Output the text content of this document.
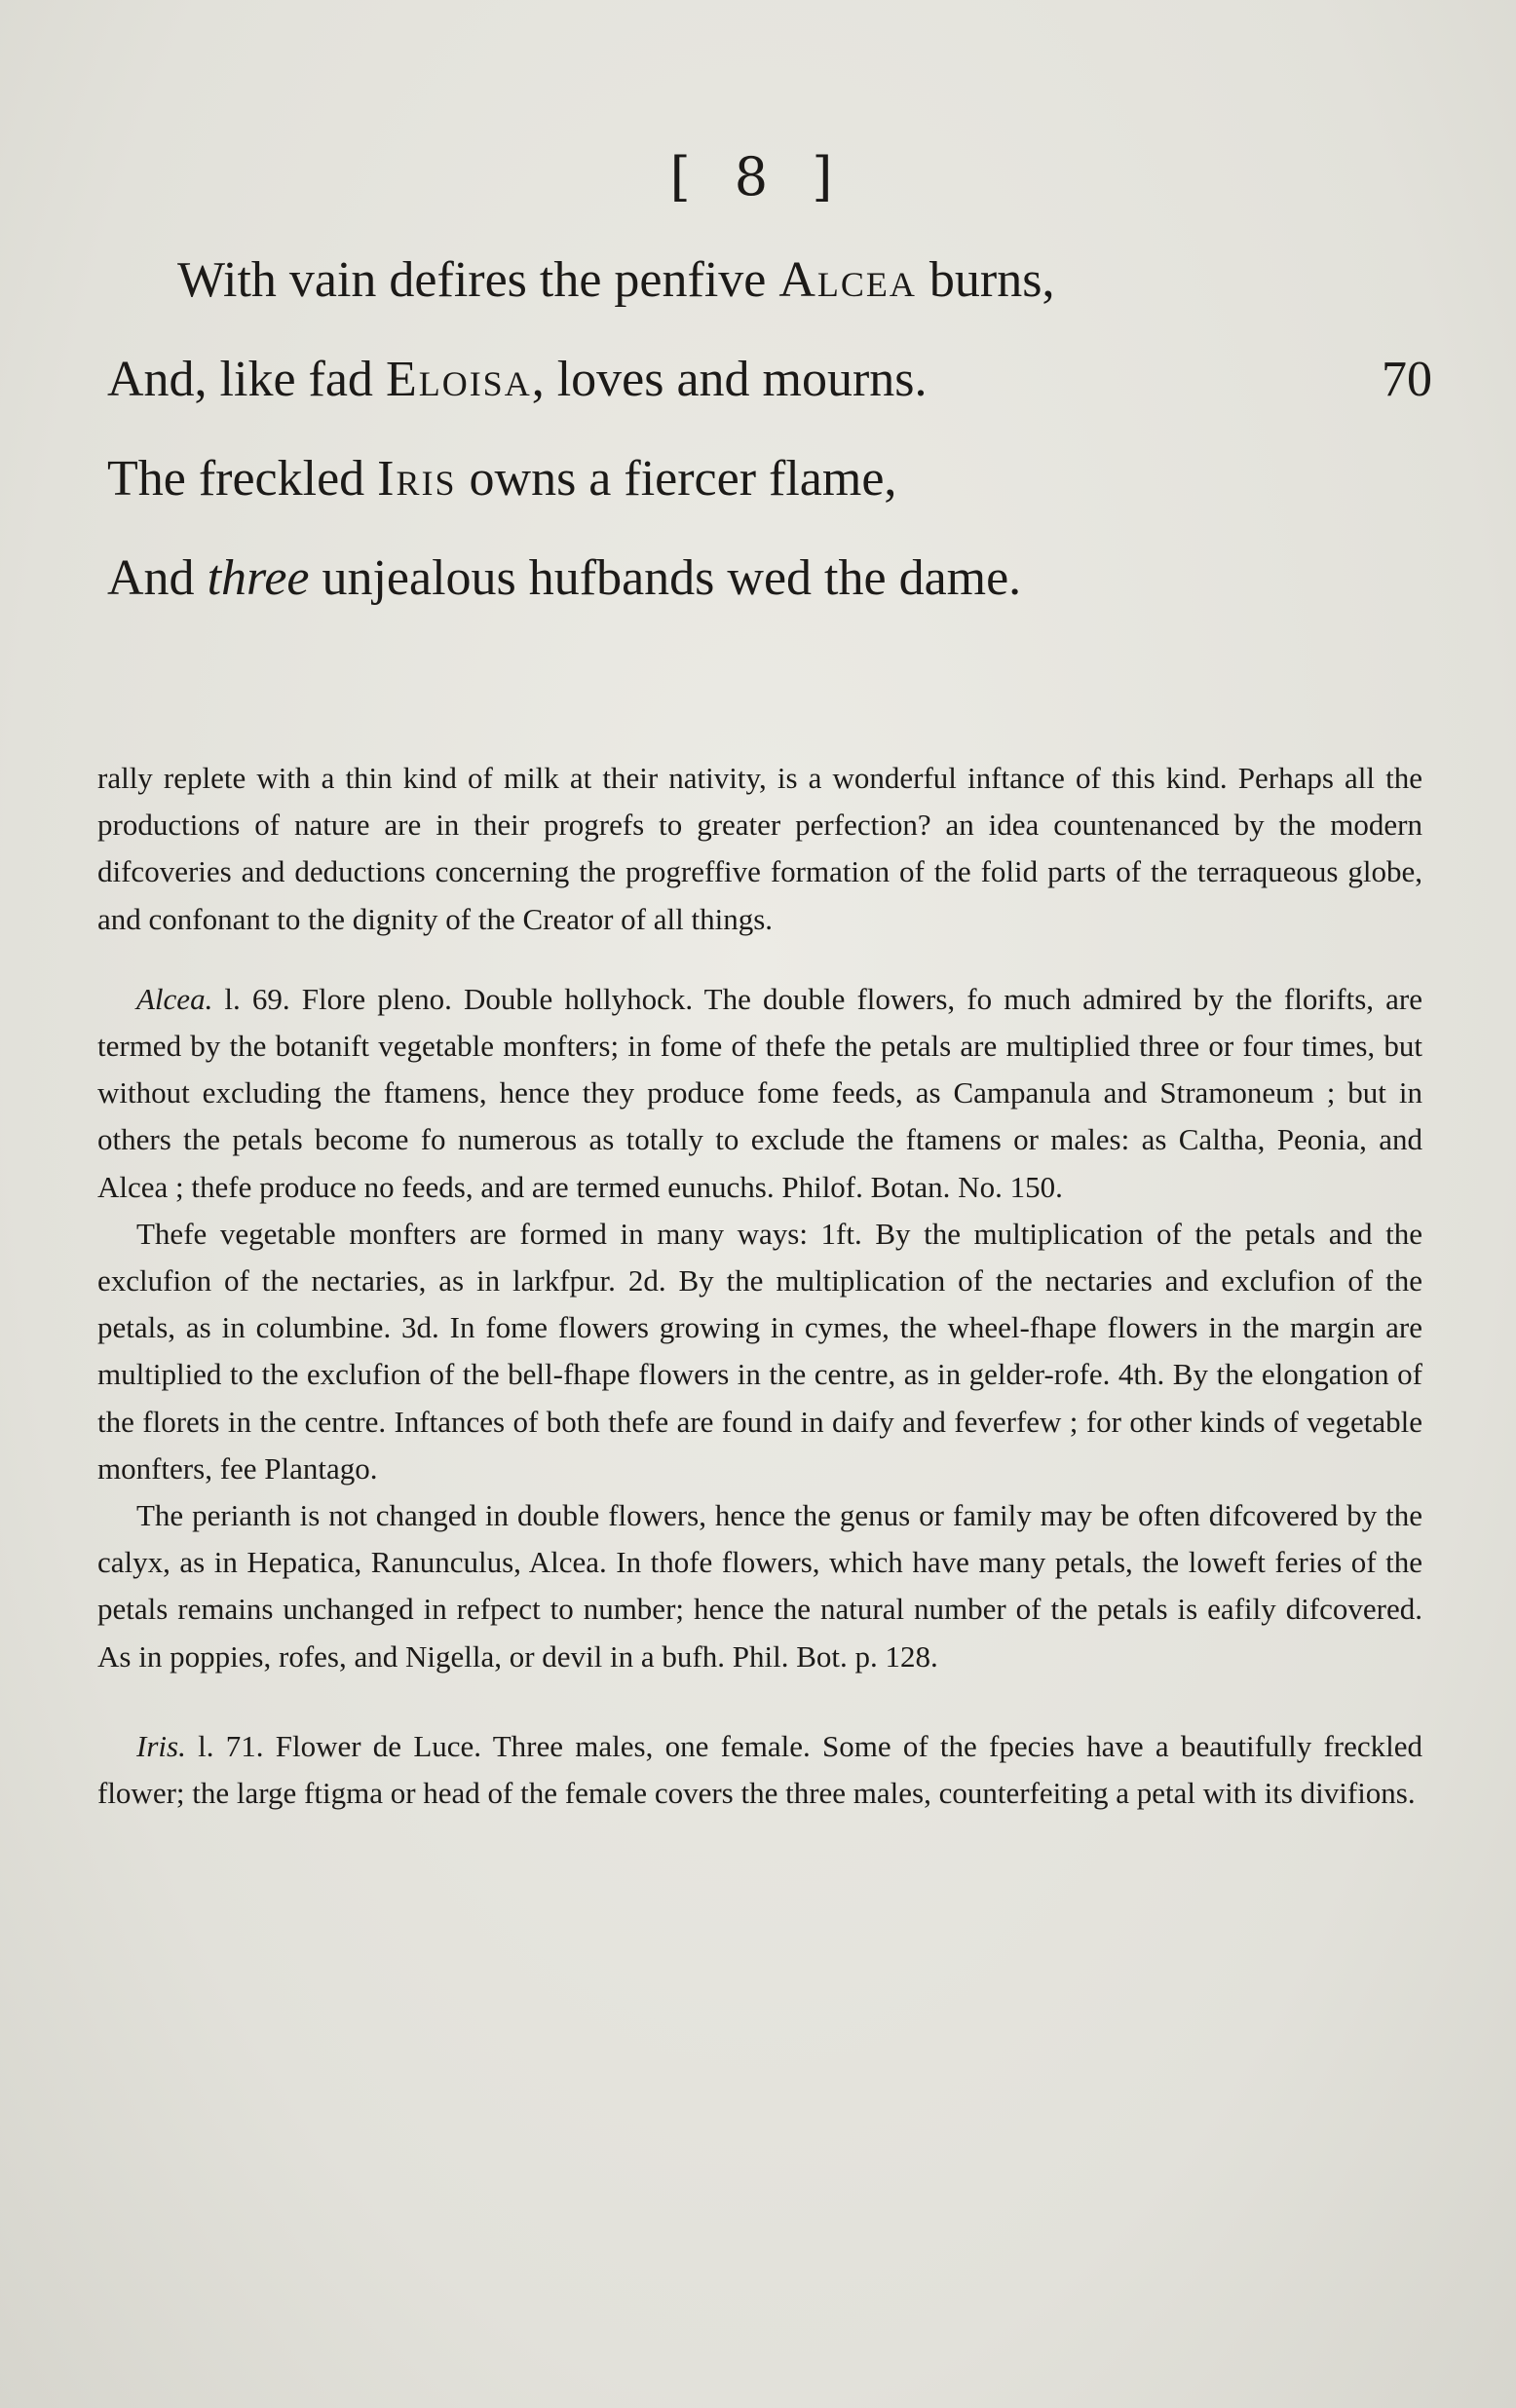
[ 8 ]
With vain defires the penfive Alcea burns,
And, like fad Eloisa, loves and mourns.	70
The freckled Iris owns a fiercer flame,
And three unjealous hufbands wed the dame.

rally replete with a thin kind of milk at their nativity, is a wonderful inftance of this kind. Perhaps all the productions of nature are in their progrefs to greater perfection? an idea countenanced by the modern difcoveries and deductions concerning the progreffive formation of the folid parts of the terraqueous globe, and confonant to the dignity of the Creator of all things.

Alcea. l. 69. Flore pleno. Double hollyhock. The double flowers, fo much admired by the florifts, are termed by the botanift vegetable monfters; in fome of thefe the petals are multiplied three or four times, but without excluding the ftamens, hence they produce fome feeds, as Campanula and Stramoneum ; but in others the petals become fo numerous as totally to exclude the ftamens or males: as Caltha, Peonia, and Alcea ; thefe produce no feeds, and are termed eunuchs. Philof. Botan. No. 150.

Thefe vegetable monfters are formed in many ways: 1ft. By the multiplication of the petals and the exclufion of the nectaries, as in larkfpur. 2d. By the multiplication of the nectaries and exclufion of the petals, as in columbine. 3d. In fome flowers growing in cymes, the wheel-fhape flowers in the margin are multiplied to the exclufion of the bell-fhape flowers in the centre, as in gelder-rofe. 4th. By the elongation of the florets in the centre. Inftances of both thefe are found in daify and feverfew ; for other kinds of vegetable monfters, fee Plantago.

The perianth is not changed in double flowers, hence the genus or family may be often difcovered by the calyx, as in Hepatica, Ranunculus, Alcea. In thofe flowers, which have many petals, the loweft feries of the petals remains unchanged in refpect to number; hence the natural number of the petals is eafily difcovered. As in poppies, rofes, and Nigella, or devil in a bufh. Phil. Bot. p. 128.

Iris. l. 71. Flower de Luce. Three males, one female. Some of the fpecies have a beautifully freckled flower; the large ftigma or head of the female covers the three males, counterfeiting a petal with its divifions.
